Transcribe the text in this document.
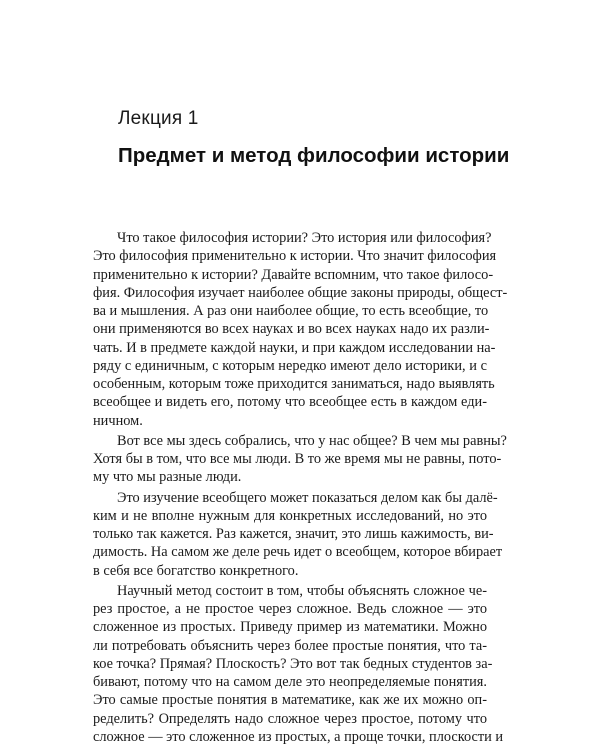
Лекция 1
Предмет и метод философии истории
Что такое философия истории? Это история или философия?
Это философия применительно к истории. Что значит философия
применительно к истории? Давайте вспомним, что такое филосо-
фия. Философия изучает наиболее общие законы природы, общест-
ва и мышления. А раз они наиболее общие, то есть всеобщие, то
они применяются во всех науках и во всех науках надо их разли-
чать. И в предмете каждой науки, и при каждом исследовании на-
ряду с единичным, с которым нередко имеют дело историки, и с
особенным, которым тоже приходится заниматься, надо выявлять
всеобщее и видеть его, потому что всеобщее есть в каждом еди-
ничном.
Вот все мы здесь собрались, что у нас общее? В чем мы равны?
Хотя бы в том, что все мы люди. В то же время мы не равны, пото-
му что мы разные люди.
Это изучение всеобщего может показаться делом как бы далё-
ким и не вполне нужным для конкретных исследований, но это
только так кажется. Раз кажется, значит, это лишь кажимость, ви-
димость. На самом же деле речь идет о всеобщем, которое вбирает
в себя все богатство конкретного.
Научный метод состоит в том, чтобы объяснять сложное че-
рез простое, а не простое через сложное. Ведь сложное — это
сложенное из простых. Приведу пример из математики. Можно
ли потребовать объяснить через более простые понятия, что та-
кое точка? Прямая? Плоскость? Это вот так бедных студентов за-
бивают, потому что на самом деле это неопределяемые понятия.
Это самые простые понятия в математике, как же их можно оп-
ределить? Определять надо сложное через простое, потому что
сложное — это сложенное из простых, а проще точки, плоскости и
